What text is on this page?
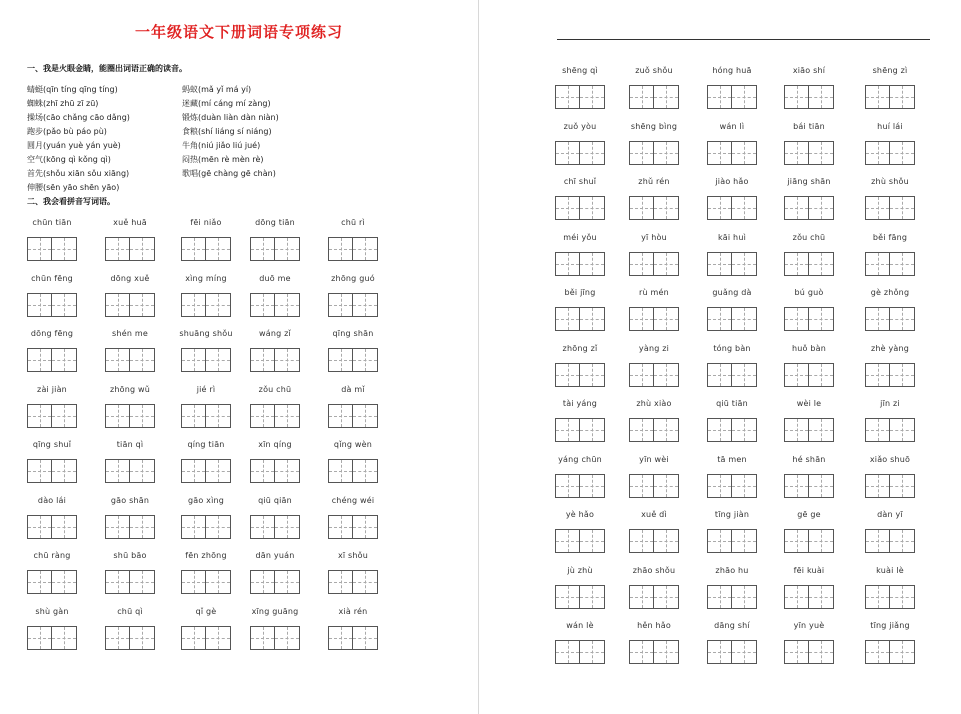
一年级语文下册词语专项练习
一、我是火眼金睛，能圈出词语正确的读音。
蜻蜓(qīn tíng qīng tíng)
蜘蛛(zhī zhū zī zū)
操场(cāo chǎng cāo dǎng)
跑步(pǎo bù páo pù)
圆月(yuán yuè yán yuè)
空气(kōng qì kǒng qì)
首先(shǒu xiān sǒu xiāng)
伸腰(sēn yāo shēn yāo)
蚂蚁(mǎ yǐ má yí)
迷藏(mí cáng mí zàng)
锻炼(duàn liàn dàn niàn)
食粮(shí liáng sí niáng)
牛角(niú jiǎo liú jué)
闷热(mēn rè mèn rè)
歌唱(gē chàng gē chàn)
二、我会看拼音写词语。
chūn tiān	xuě huā	fēi niǎo	dōng tiān	chū rì
chūn fēng	dōng xuě	xìng míng	duō me	zhōng guó
dōng fēng	shén me	shuāng shǒu	wáng zǐ	qīng shān
zài jiàn	zhōng wǔ	jié rì	zǒu chū	dà mǐ
qīng shuǐ	tiān qì	qíng tiān	xīn qíng	qǐng wèn
dào lái	gāo shān	gāo xìng	qiū qiān	chéng wéi
chū ràng	shū bāo	fēn zhōng	dān yuán	xī shǒu
shù gàn	chū qì	qǐ gè	xīng guāng	xià rén
shēng qì	zuǒ shǒu	hóng huā	xiāo shí	shēng zì
zuǒ yòu	shēng bìng	wán lì	bái tiān	huí lái
chī shuǐ	zhǔ rén	jiào hǎo	jiāng shān	zhù shǒu
méi yǒu	yī hòu	kāi huì	zǒu chū	běi fāng
běi jīng	rù mén	guǎng dà	bú guò	gè zhǒng
zhōng zǐ	yàng zi	tóng bàn	huǒ bàn	zhè yàng
tài yáng	zhù xiào	qiū tiān	wèi le	jīn zi
yáng chūn	yīn wèi	tā men	hé shān	xiǎo shuō
yè hǎo	xuě dì	tīng jiàn	gē ge	dàn yī
jù zhù	zhāo shǒu	zhāo hu	fēi kuài	kuài lè
wán lè	hěn hǎo	dāng shí	yīn yuè	tīng jiǎng
